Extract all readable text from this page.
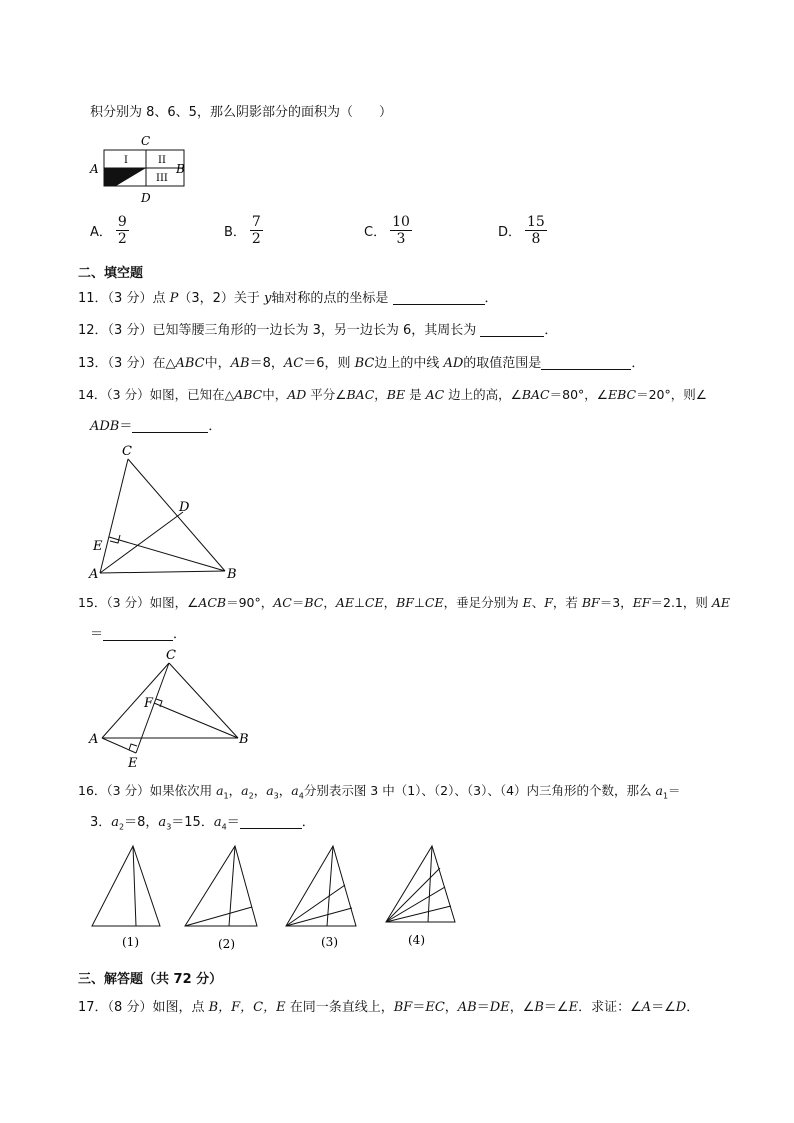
积分别为 8、6、5，那么阴影部分的面积为（　　）
I	II
III
C
A	B
D
A． $\frac{9}{2}$	B． $\frac{7}{2}$	C． $\frac{10}{3}$	D． $\frac{15}{8}$
二、填空题
11．（3 分）点 P（3，2）关于 y轴对称的点的坐标是	．
12．（3 分）已知等腰三角形的一边长为 3，另一边长为 6，其周长为	．
13．（3 分）在△ABC中，AB＝8，AC＝6，则 BC边上的中线 AD的取值范围是	．
14．（3 分）如图，已知在△ABC中，AD 平分∠BAC，BE 是 AC 边上的高，∠BAC＝80°，∠EBC＝20°，则∠
ADB＝	．
C
D
E
A	B
15．（3 分）如图，∠ACB＝90°，AC＝BC，AE⊥CE，BF⊥CE，垂足分别为 E、F，若 BF＝3，EF＝2.1，则 AE
＝	．
C
F
A	B
E
16．（3 分）如果依次用 $a_1$，$a_2$，$a_3$，$a_4$分别表示图 3 中（1）、（2）、（3）、（4）内三角形的个数，那么 $a_1=$
3．$a_2=8$，$a_3=15$．$a_4=$	．
(1)	(2)	(3)	(4)
三、解答题（共 72 分）
17．（8 分）如图，点 B，F，C，E 在同一条直线上，BF＝EC，AB＝DE，∠B＝∠E．求证：∠A＝∠D．
